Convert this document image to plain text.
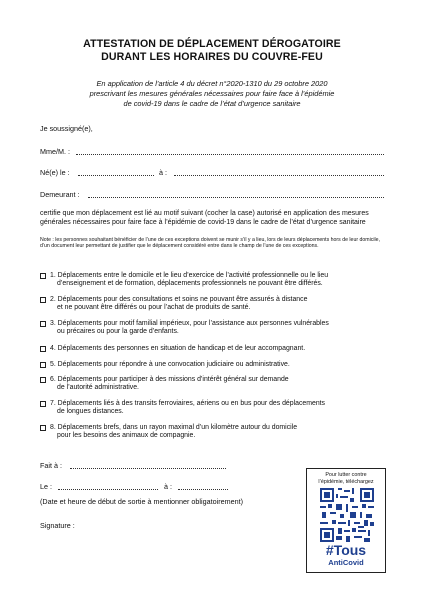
ATTESTATION DE DÉPLACEMENT DÉROGATOIRE
DURANT LES HORAIRES DU COUVRE-FEU
En application de l’article 4 du décret n°2020-1310 du 29 octobre 2020
prescrivant les mesures générales nécessaires pour faire face à l’épidémie
de covid-19 dans le cadre de l’état d’urgence sanitaire
Je soussigné(e),
Mme/M. :
Né(e) le :	à :
Demeurant :
certifie que mon déplacement est lié au motif suivant (cocher la case) autorisé en application des mesures générales nécessaires pour faire face à l’épidémie de covid-19 dans le cadre de l’état d’urgence sanitaire
Note : les personnes souhaitant bénéficier de l’une de ces exceptions doivent se munir s’il y a lieu, lors de leurs déplacements hors de leur domicile, d’un document leur permettant de justifier que le déplacement considéré entre dans le champ de l’une de ces exceptions.
1. Déplacements entre le domicile et le lieu d’exercice de l’activité professionnelle ou le lieu
d’enseignement et de formation, déplacements professionnels ne pouvant être différés.
2. Déplacements pour des consultations et soins ne pouvant être assurés à distance
et ne pouvant être différés ou pour l’achat de produits de santé.
3. Déplacements pour motif familial impérieux, pour l’assistance aux personnes vulnérables
ou précaires ou pour la garde d’enfants.
4. Déplacements des personnes en situation de handicap et de leur accompagnant.
5. Déplacements pour répondre à une convocation judiciaire ou administrative.
6. Déplacements pour participer à des missions d’intérêt général sur demande
de l’autorité administrative.
7. Déplacements liés à des transits ferroviaires, aériens ou en bus pour des déplacements
de longues distances.
8. Déplacements brefs, dans un rayon maximal d’un kilomètre autour du domicile
pour les besoins des animaux de compagnie.
Fait à :
Le :	à :
(Date et heure de début de sortie à mentionner obligatoirement)
Signature :
Pour lutter contre
l’épidémie, téléchargez
#Tous
AntiCovid
